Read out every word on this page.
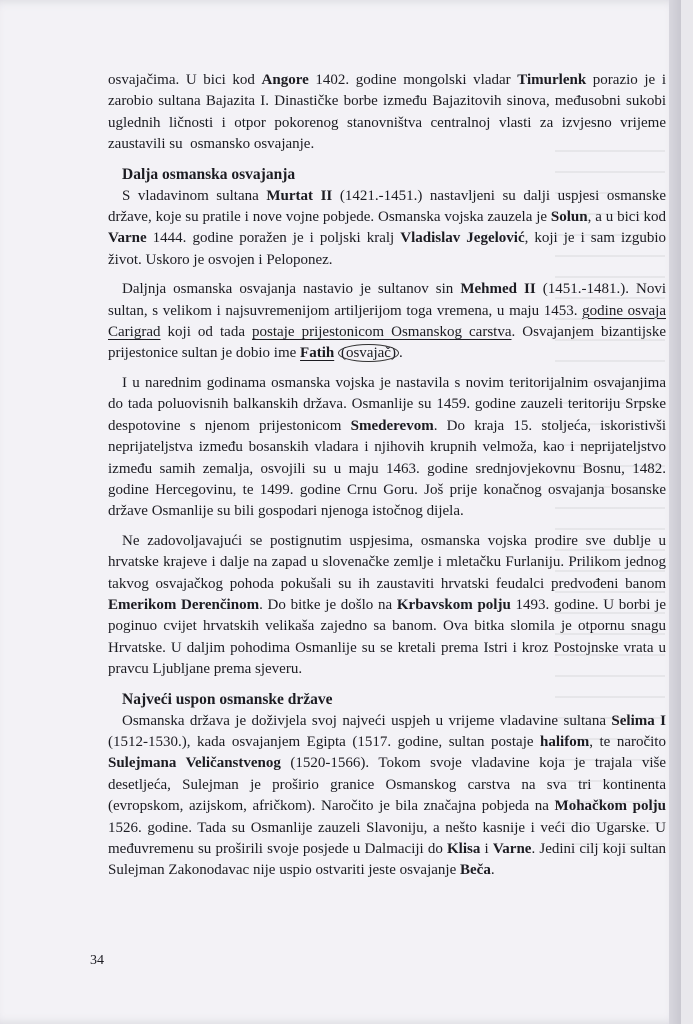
osvajačima. U bici kod Angore 1402. godine mongolski vladar Timurlenk porazio je i zarobio sultana Bajazita I. Dinastičke borbe između Bajazitovih sinova, međusobni sukobi uglednih ličnosti i otpor pokorenog stanovništva centralnoj vlasti za izvjesno vrijeme zaustavili su  osmansko osvajanje.

Dalja osmanska osvajanja

S vladavinom sultana Murtat II (1421.-1451.) nastavljeni su dalji uspjesi osmanske države, koje su pratile i nove vojne pobjede. Osmanska vojska zauzela je Solun, a u bici kod Varne 1444. godine poražen je i poljski kralj Vladislav Jegelović, koji je i sam izgubio život. Uskoro je osvojen i Peloponez.

Daljnja osmanska osvajanja nastavio je sultanov sin Mehmed II (1451.-1481.). Novi sultan, s velikom i najsuvremenijom artiljerijom toga vremena, u maju 1453. godine osvaja Carigrad koji od tada postaje prijestonicom Osmanskog carstva. Osvajanjem bizantijske prijestonice sultan je dobio ime Fatih (osvajač) .

I u narednim godinama osmanska vojska je nastavila s novim teritorijalnim osvajanjima do tada poluovisnih balkanskih država. Osmanlije su 1459. godine zauzeli teritoriju Srpske despotovine s njenom prijestonicom Smederevom. Do kraja 15. stoljeća, iskoristivši neprijateljstva između bosanskih vladara i njihovih krupnih velmoža, kao i neprijateljstvo između samih zemalja, osvojili su u maju 1463. godine srednjovjekovnu Bosnu, 1482. godine Hercegovinu, te 1499. godine Crnu Goru. Još prije konačnog osvajanja bosanske države Osmanlije su bili gospodari njenoga istočnog dijela.

Ne zadovoljavajući se postignutim uspjesima, osmanska vojska prodire sve dublje u hrvatske krajeve i dalje na zapad u slovenačke zemlje i mletačku Furlaniju. Prilikom jednog takvog osvajačkog pohoda pokušali su ih zaustaviti hrvatski feudalci predvođeni banom Emerikom Derenčinom. Do bitke je došlo na Krbavskom polju 1493. godine. U borbi je poginuo cvijet hrvatskih velikaša zajedno sa banom. Ova bitka slomila je otpornu snagu Hrvatske. U daljim pohodima Osmanlije su se kretali prema Istri i kroz Postojnske vrata u pravcu Ljubljane prema sjeveru.

Najveći uspon osmanske države

Osmanska država je doživjela svoj najveći uspjeh u vrijeme vladavine sultana Selima I (1512-1530.), kada osvajanjem Egipta (1517. godine, sultan postaje halifom, te naročito Sulejmana Veličanstvenog (1520-1566). Tokom svoje vladavine koja je trajala više desetljeća, Sulejman je proširio granice Osmanskog carstva na sva tri kontinenta (evropskom, azijskom, afričkom). Naročito je bila značajna pobjeda na Mohačkom polju 1526. godine. Tada su Osmanlije zauzeli Slavoniju, a nešto kasnije i veći dio Ugarske. U međuvremenu su proširili svoje posjede u Dalmaciji do Klisa i Varne. Jedini cilj koji sultan Sulejman Zakonodavac nije uspio ostvariti jeste osvajanje Beča.

34
